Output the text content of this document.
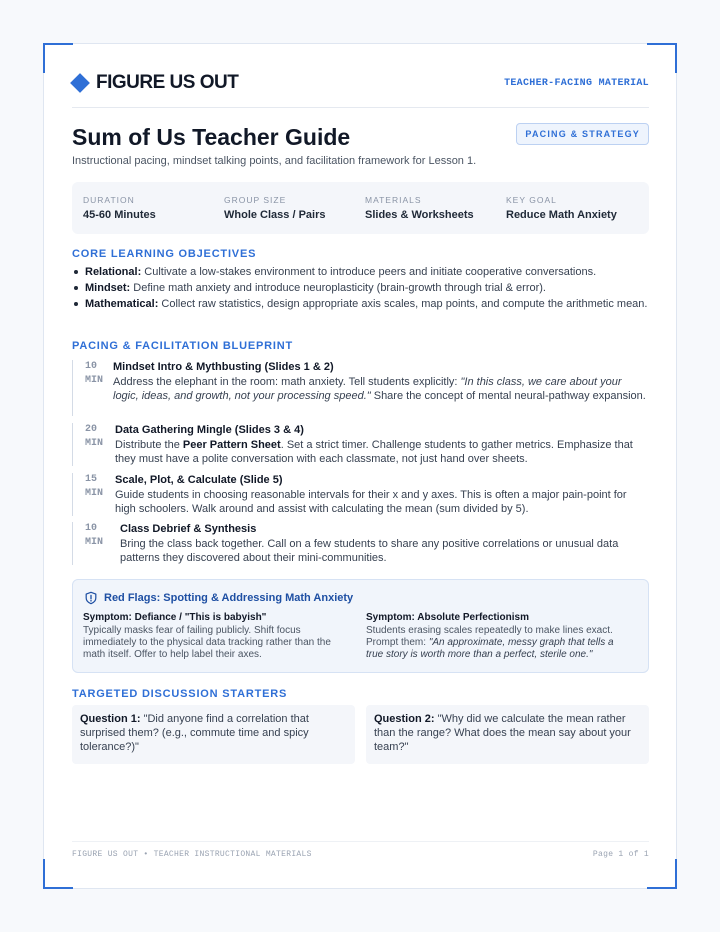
FIGURE US OUT	TEACHER-FACING MATERIAL
Sum of Us Teacher Guide	PACING & STRATEGY
Instructional pacing, mindset talking points, and facilitation framework for Lesson 1.
DURATION
45-60 Minutes
GROUP SIZE
Whole Class / Pairs
MATERIALS
Slides & Worksheets
KEY GOAL
Reduce Math Anxiety
CORE LEARNING OBJECTIVES
Relational: Cultivate a low-stakes environment to introduce peers and initiate cooperative conversations.
Mindset: Define math anxiety and introduce neuroplasticity (brain-growth through trial & error).
Mathematical: Collect raw statistics, design appropriate axis scales, map points, and compute the arithmetic mean.
PACING & FACILITATION BLUEPRINT
10
MIN
Mindset Intro & Mythbusting (Slides 1 & 2)
Address the elephant in the room: math anxiety. Tell students explicitly: "In this class, we care about your logic, ideas, and growth, not your processing speed." Share the concept of mental neural-pathway expansion.
20
MIN
Data Gathering Mingle (Slides 3 & 4)
Distribute the Peer Pattern Sheet. Set a strict timer. Challenge students to gather metrics. Emphasize that they must have a polite conversation with each classmate, not just hand over sheets.
15
MIN
Scale, Plot, & Calculate (Slide 5)
Guide students in choosing reasonable intervals for their x and y axes. This is often a major pain-point for high schoolers. Walk around and assist with calculating the mean (sum divided by 5).
10
MIN
Class Debrief & Synthesis
Bring the class back together. Call on a few students to share any positive correlations or unusual data patterns they discovered about their mini-communities.
Red Flags: Spotting & Addressing Math Anxiety
Symptom: Defiance / "This is babyish"
Typically masks fear of failing publicly. Shift focus immediately to the physical data tracking rather than the math itself. Offer to help label their axes.
Symptom: Absolute Perfectionism
Students erasing scales repeatedly to make lines exact. Prompt them: "An approximate, messy graph that tells a true story is worth more than a perfect, sterile one."
TARGETED DISCUSSION STARTERS
Question 1: "Did anyone find a correlation that surprised them? (e.g., commute time and spicy tolerance?)"
Question 2: "Why did we calculate the mean rather than the range? What does the mean say about your team?"
FIGURE US OUT • TEACHER INSTRUCTIONAL MATERIALS	Page 1 of 1
